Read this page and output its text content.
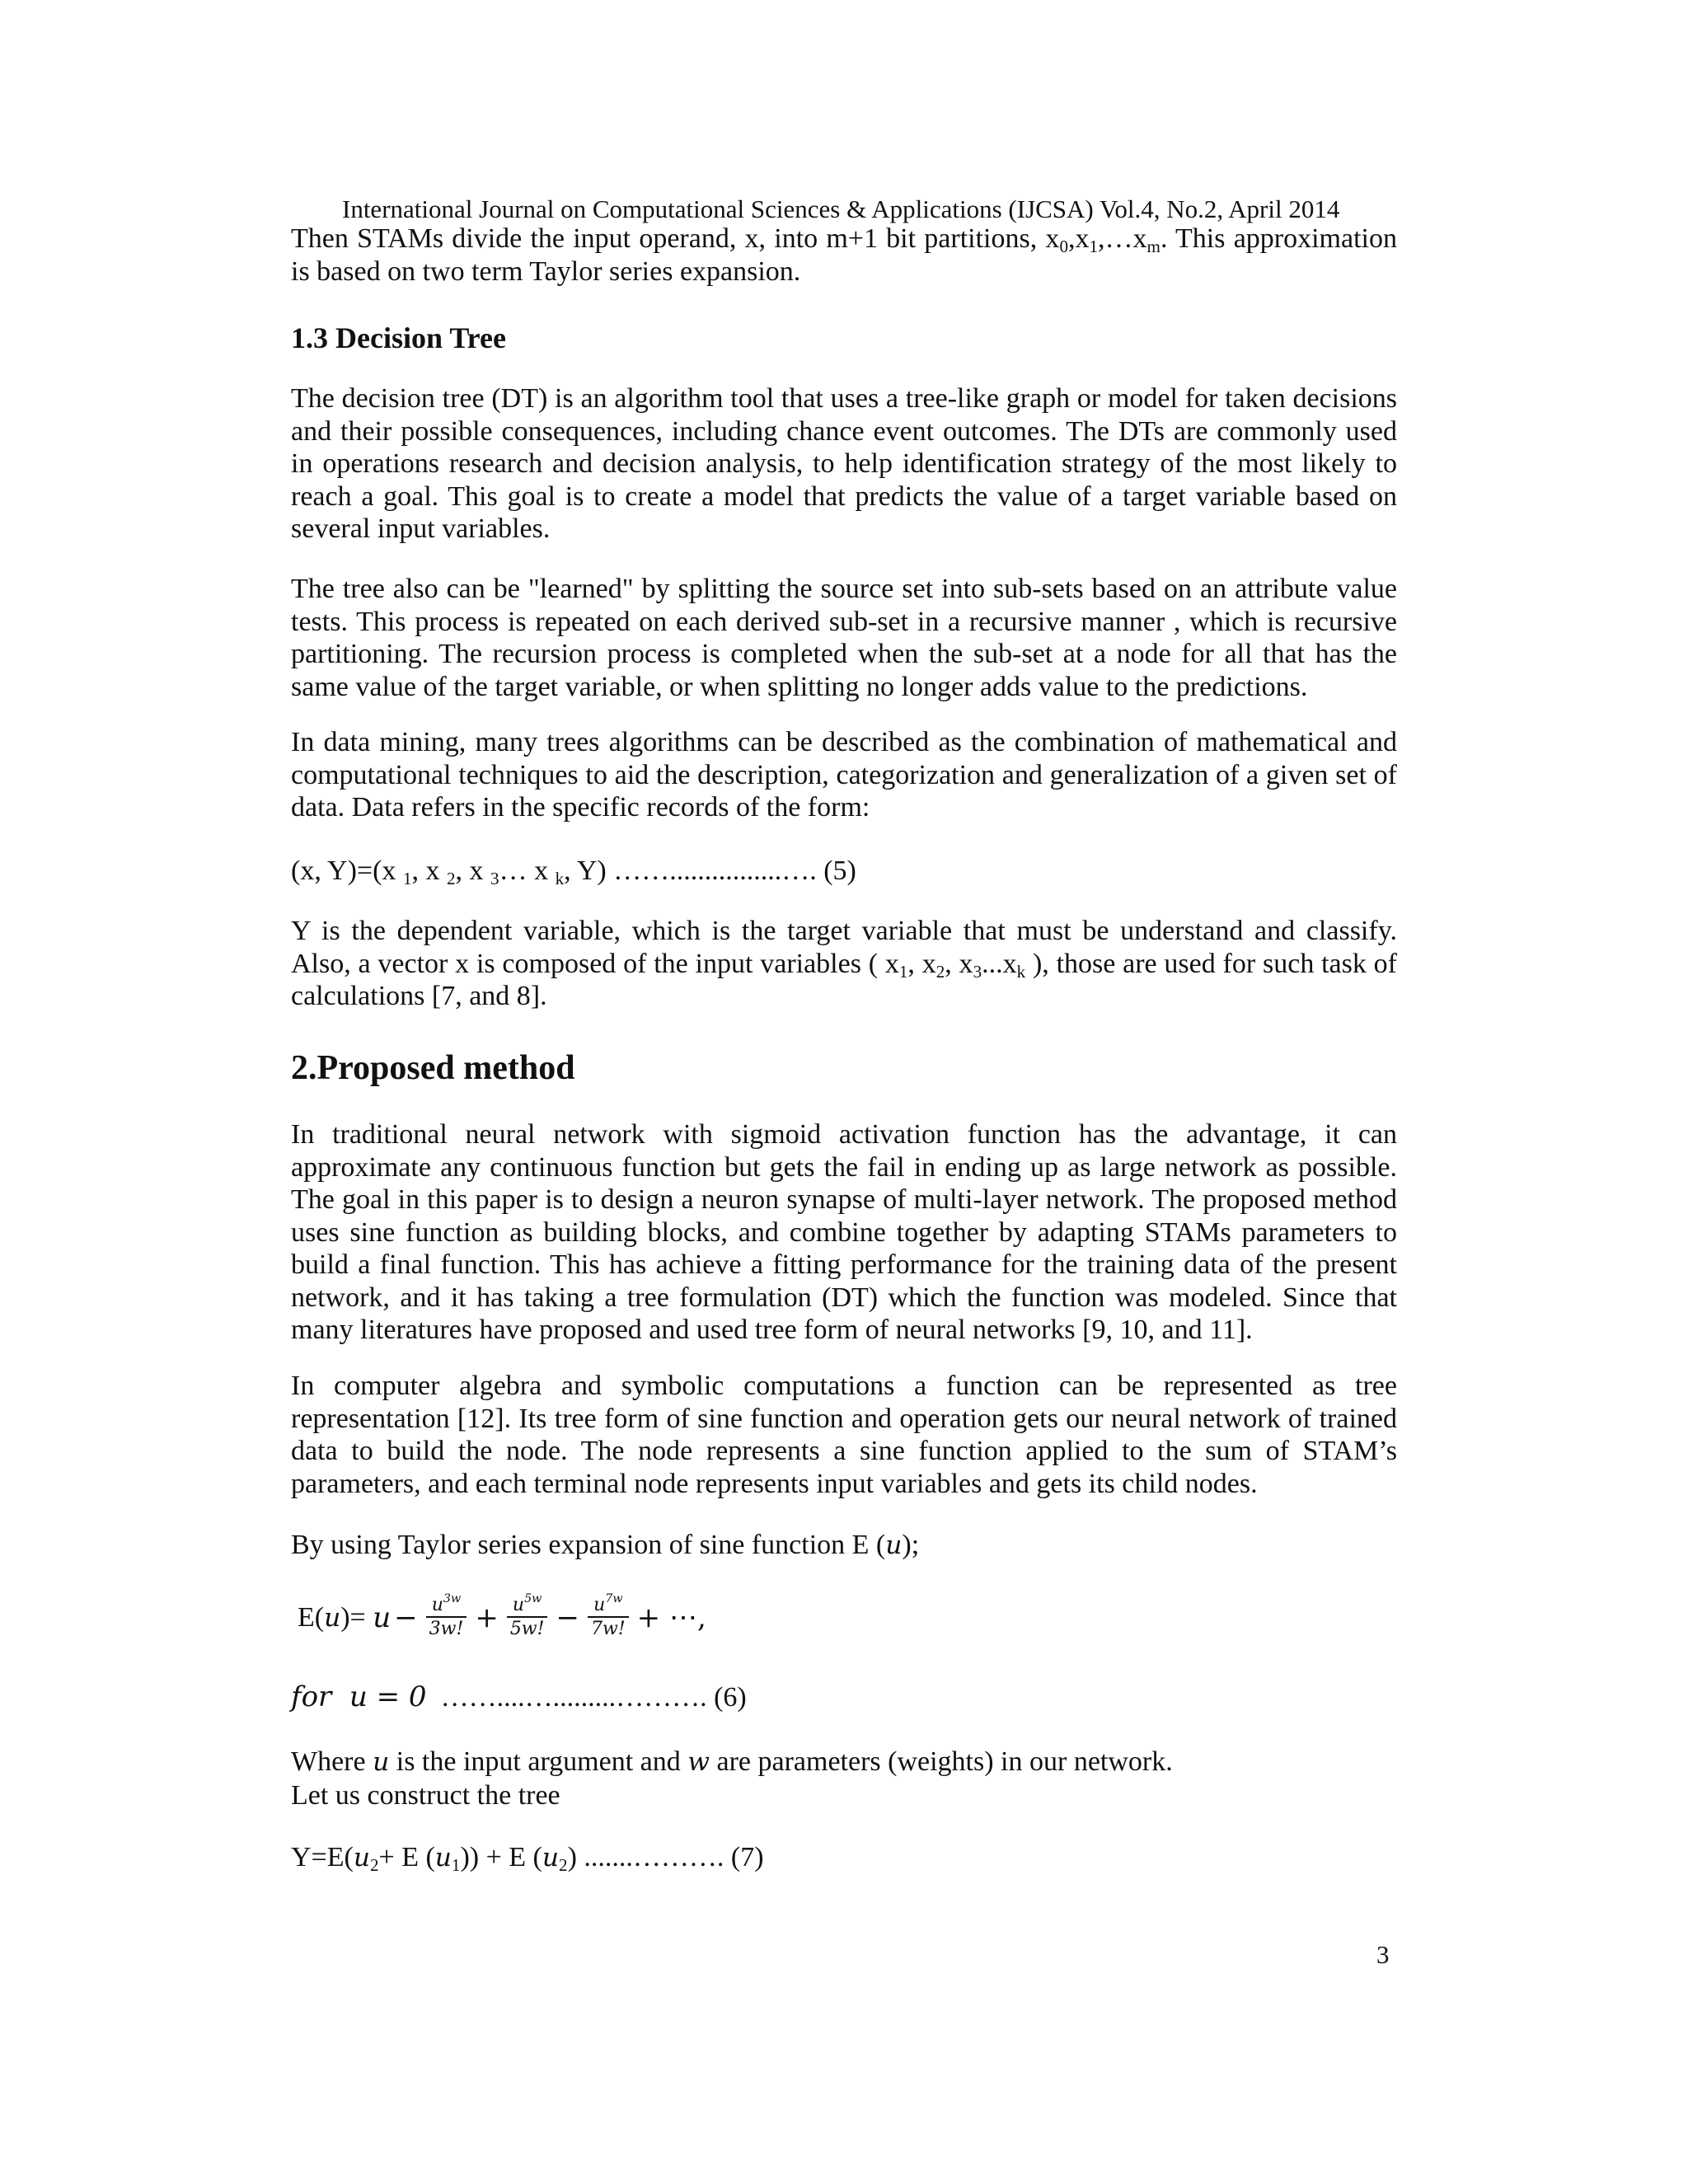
International Journal on Computational Sciences & Applications (IJCSA) Vol.4, No.2, April 2014

Then STAMs divide the input operand, x, into m+1 bit partitions, $x_0,x_1,\dots x_m$. This approximation is based on two term Taylor series expansion.

1.3 Decision Tree

The decision tree (DT) is an algorithm tool that uses a tree-like graph or model for taken decisions and their possible consequences, including chance event outcomes. The DTs are commonly used in operations research and decision analysis, to help identification strategy of the most likely to reach a goal. This goal is to create a model that predicts the value of a target variable based on several input variables.

The tree also can be "learned" by splitting the source set into sub-sets based on an attribute value tests. This process is repeated on each derived sub-set in a recursive manner , which is recursive partitioning. The recursion process is completed when the sub-set at a node for all that has the same value of the target variable, or when splitting no longer adds value to the predictions.

In data mining, many trees algorithms can be described as the combination of mathematical and computational techniques to aid the description, categorization and generalization of a given set of data. Data refers in the specific records of the form:

(x, Y)=(x $_1$, x $_2$, x $_3$… x $_k$, Y) ……................…. (5)

Y is the dependent variable, which is the target variable that must be understand and classify. Also, a vector x is composed of the input variables ( $x_1$, $x_2$, $x_3...x_k$ ), those are used for such task of calculations [7, and 8].

2.Proposed method

In traditional neural network with sigmoid activation function has the advantage, it can approximate any continuous function but gets the fail in ending up as large network as possible. The goal in this paper is to design a neuron synapse of multi-layer network. The proposed method uses sine function as building blocks, and combine together by adapting STAMs parameters to build a final function. This has achieve a fitting performance for the training data of the present network, and it has taking a tree formulation (DT) which the function was modeled. Since that many literatures have proposed and used tree form of neural networks [9, 10, and 11].

In computer algebra and symbolic computations a function can be represented as tree representation [12]. Its tree form of sine function and operation gets our neural network of trained data to build the node. The node represents a sine function applied to the sum of STAM’s parameters, and each terminal node represents input variables and gets its child nodes.

By using Taylor series expansion of sine function E (u);

E( u )= $u - \frac{u^{3w}}{3w!} + \frac{u^{5w}}{5w!} - \frac{u^{7w}}{7w!}$ + ⋯,

for  u = 0  ……....….........………. (6)

Where u is the input argument and w are parameters (weights) in our network.

Let us construct the tree

$Y=E(u_2+ E$ $(u_1)) + E$ $(u_2)$ .......………. (7)

3
